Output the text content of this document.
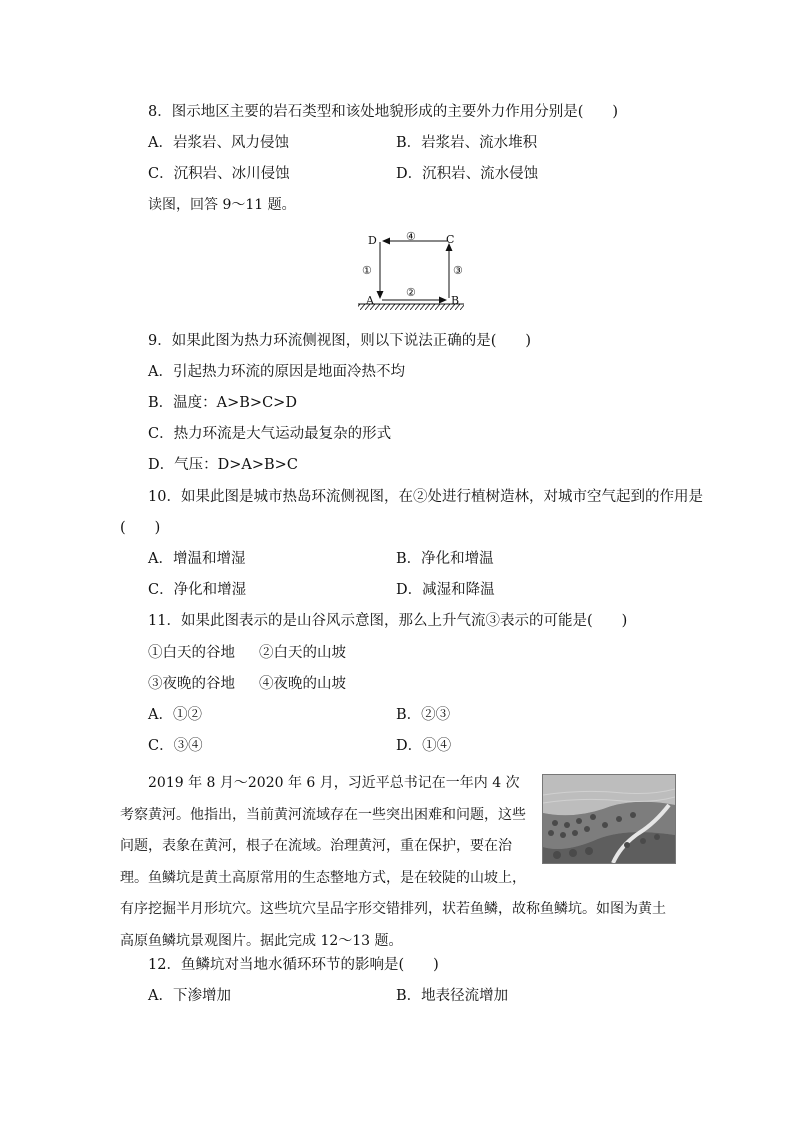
8．图示地区主要的岩石类型和该处地貌形成的主要外力作用分别是(　　)
A．岩浆岩、风力侵蚀	B．岩浆岩、流水堆积
C．沉积岩、冰川侵蚀	D．沉积岩、流水侵蚀
读图，回答 9～11 题。
D	C
A	B
④
①	③
②
9．如果此图为热力环流侧视图，则以下说法正确的是(　　)
A．引起热力环流的原因是地面冷热不均
B．温度：A>B>C>D
C．热力环流是大气运动最复杂的形式
D．气压：D>A>B>C
10．如果此图是城市热岛环流侧视图，在②处进行植树造林，对城市空气起到的作用是
(　　)
A．增温和增湿	B．净化和增温
C．净化和增湿	D．减湿和降温
11．如果此图表示的是山谷风示意图，那么上升气流③表示的可能是(　　)
①白天的谷地 ②白天的山坡
③夜晚的谷地 ④夜晚的山坡
A．①②	B．②③
C．③④	D．①④
2019 年 8 月～2020 年 6 月，习近平总书记在一年内 4 次考察黄河。他指出，当前黄河流域存在一些突出困难和问题，这些问题，表象在黄河，根子在流域。治理黄河，重在保护，要在治理。鱼鳞坑是黄土高原常用的生态整地方式，是在较陡的山坡上，有序挖掘半月形坑穴。这些坑穴呈品字形交错排列，状若鱼鳞，故称鱼鳞坑。如图为黄土高原鱼鳞坑景观图片。据此完成 12～13 题。
12．鱼鳞坑对当地水循环环节的影响是(　　)
A．下渗增加	B．地表径流增加
